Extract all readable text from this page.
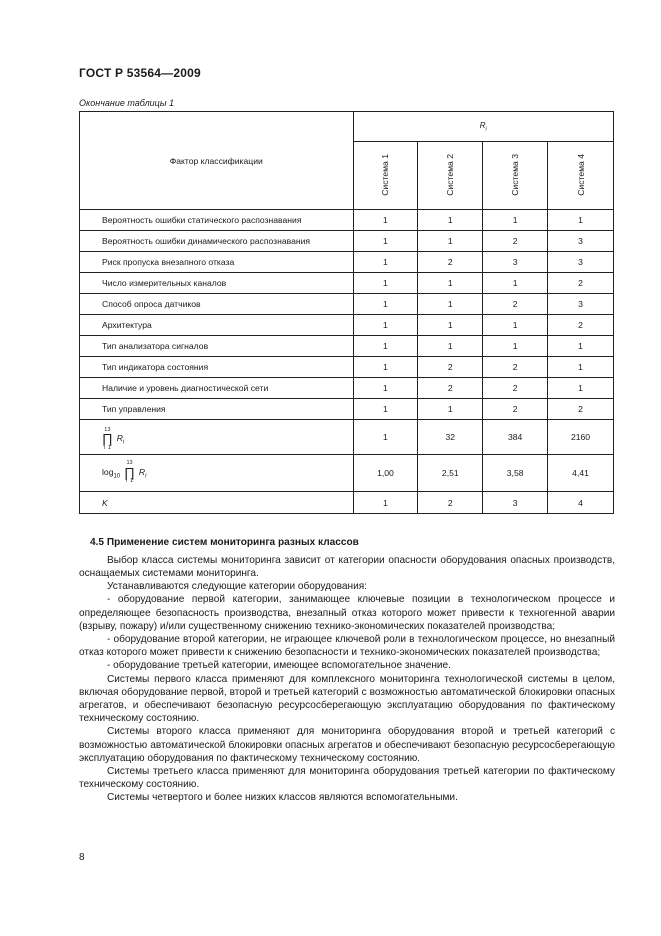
ГОСТ Р 53564—2009
Окончание таблицы 1
Фактор классификации	$R_i$
	Система 1	Система 2	Система 3	Система 4
Вероятность ошибки статического распознавания	1	1	1	1
Вероятность ошибки динамического распознавания	1	1	2	3
Риск пропуска внезапного отказа	1	2	3	3
Число измерительных каналов	1	1	1	2
Способ опроса датчиков	1	1	2	3
Архитектура	1	1	1	2
Тип анализатора сигналов	1	1	1	1
Тип индикатора состояния	1	2	2	1
Наличие и уровень диагностической сети	1	2	2	1
Тип управления	1	1	2	2

13
∏
i  1
$R_i$	1	32	384	2160

$\log_{10}$
13
∏
i  1
$R_i$	1,00	2,51	3,58	4,41
K	1	2	3	4

4.5 Применение систем мониторинга разных классов

Выбор класса системы мониторинга зависит от категории опасности оборудования опасных производств, оснащаемых системами мониторинга.

Устанавливаются следующие категории оборудования:

- оборудование первой категории, занимающее ключевые позиции в технологическом процессе и определяющее безопасность производства, внезапный отказ которого может привести к техногенной аварии (взрыву, пожару) и/или существенному снижению технико-экономических показателей производства;

- оборудование второй категории, не играющее ключевой роли в технологическом процессе, но внезапный отказ которого может привести к снижению безопасности и технико-экономических показателей производства;

- оборудование третьей категории, имеющее вспомогательное значение.

Системы первого класса применяют для комплексного мониторинга технологической системы в целом, включая оборудование первой, второй и третьей категорий с возможностью автоматической блокировки опасных агрегатов, и обеспечивают безопасную ресурсосберегающую эксплуатацию оборудования по фактическому техническому состоянию.

Системы второго класса применяют для мониторинга оборудования второй и третьей категорий с возможностью автоматической блокировки опасных агрегатов и обеспечивают безопасную ресурсосберегающую эксплуатацию оборудования по фактическому техническому состоянию.

Системы третьего класса применяют для мониторинга оборудования третьей категории по фактическому техническому состоянию.

Системы четвертого и более низких классов являются вспомогательными.

8
